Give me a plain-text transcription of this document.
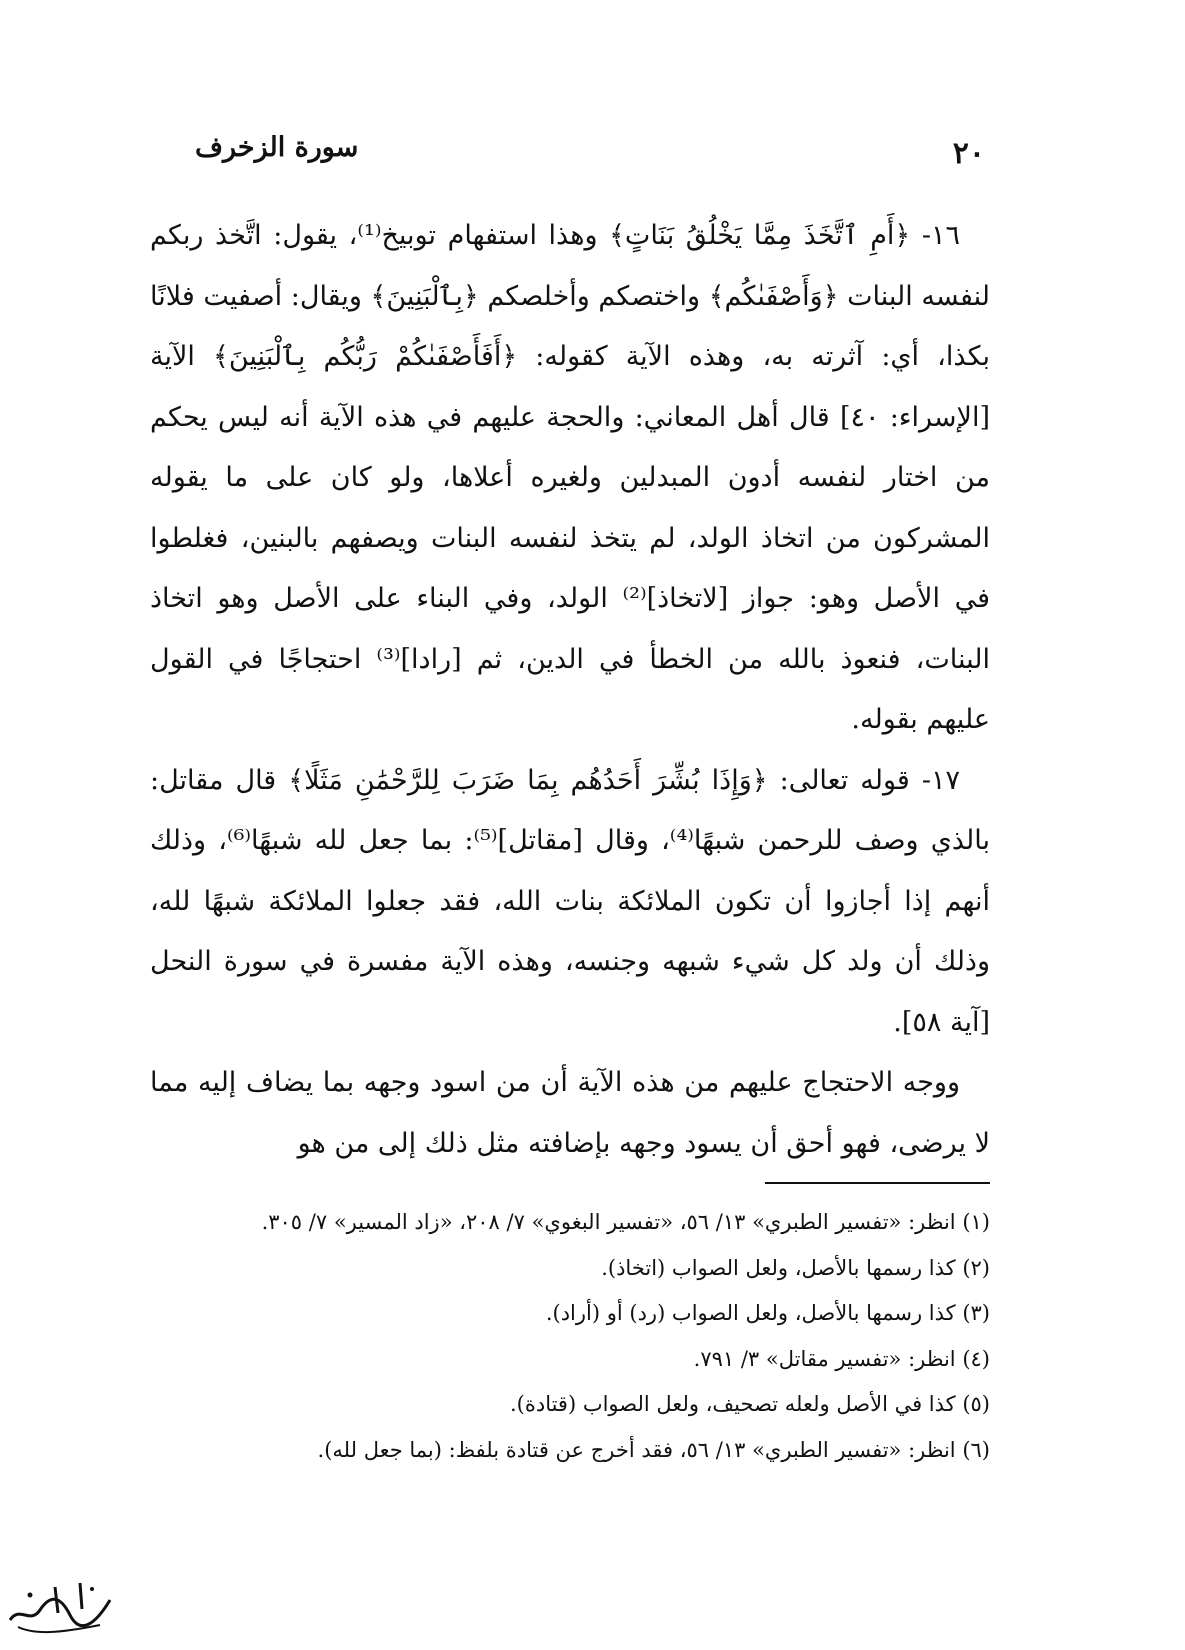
٢٠
سورة الزخرف

١٦- ﴿أَمِ ٱتَّخَذَ مِمَّا يَخْلُقُ بَنَاتٍ﴾ وهذا استفهام توبيخ⁽¹⁾، يقول: اتَّخذ ربكم لنفسه البنات ﴿وَأَصْفَىٰكُم﴾ واختصكم وأخلصكم ﴿بِٱلْبَنِينَ﴾ ويقال: أصفيت فلانًا بكذا، أي: آثرته به، وهذه الآية كقوله: ﴿أَفَأَصْفَىٰكُمْ رَبُّكُم بِٱلْبَنِينَ﴾ الآية [الإسراء: ٤٠] قال أهل المعاني: والحجة عليهم في هذه الآية أنه ليس يحكم من اختار لنفسه أدون المبدلين ولغيره أعلاها، ولو كان على ما يقوله المشركون من اتخاذ الولد، لم يتخذ لنفسه البنات ويصفهم بالبنين، فغلطوا في الأصل وهو: جواز [لاتخاذ]⁽²⁾ الولد، وفي البناء على الأصل وهو اتخاذ البنات، فنعوذ بالله من الخطأ في الدين، ثم [رادا]⁽³⁾ احتجاجًا في القول عليهم بقوله.

١٧- قوله تعالى: ﴿وَإِذَا بُشِّرَ أَحَدُهُم بِمَا ضَرَبَ لِلرَّحْمَٰنِ مَثَلًا﴾ قال مقاتل: بالذي وصف للرحمن شبهًا⁽⁴⁾، وقال [مقاتل]⁽⁵⁾: بما جعل لله شبهًا⁽⁶⁾، وذلك أنهم إذا أجازوا أن تكون الملائكة بنات الله، فقد جعلوا الملائكة شبهًا لله، وذلك أن ولد كل شيء شبهه وجنسه، وهذه الآية مفسرة في سورة النحل [آية ٥٨].

ووجه الاحتجاج عليهم من هذه الآية أن من اسود وجهه بما يضاف إليه مما لا يرضى، فهو أحق أن يسود وجهه بإضافته مثل ذلك إلى من هو

(١) انظر: «تفسير الطبري» ١٣/ ٥٦، «تفسير البغوي» ٧/ ٢٠٨، «زاد المسير» ٧/ ٣٠٥.

(٢) كذا رسمها بالأصل، ولعل الصواب (اتخاذ).

(٣) كذا رسمها بالأصل، ولعل الصواب (رد) أو (أراد).

(٤) انظر: «تفسير مقاتل» ٣/ ٧٩١.

(٥) كذا في الأصل ولعله تصحيف، ولعل الصواب (قتادة).

(٦) انظر: «تفسير الطبري» ١٣/ ٥٦، فقد أخرج عن قتادة بلفظ: (بما جعل لله).
